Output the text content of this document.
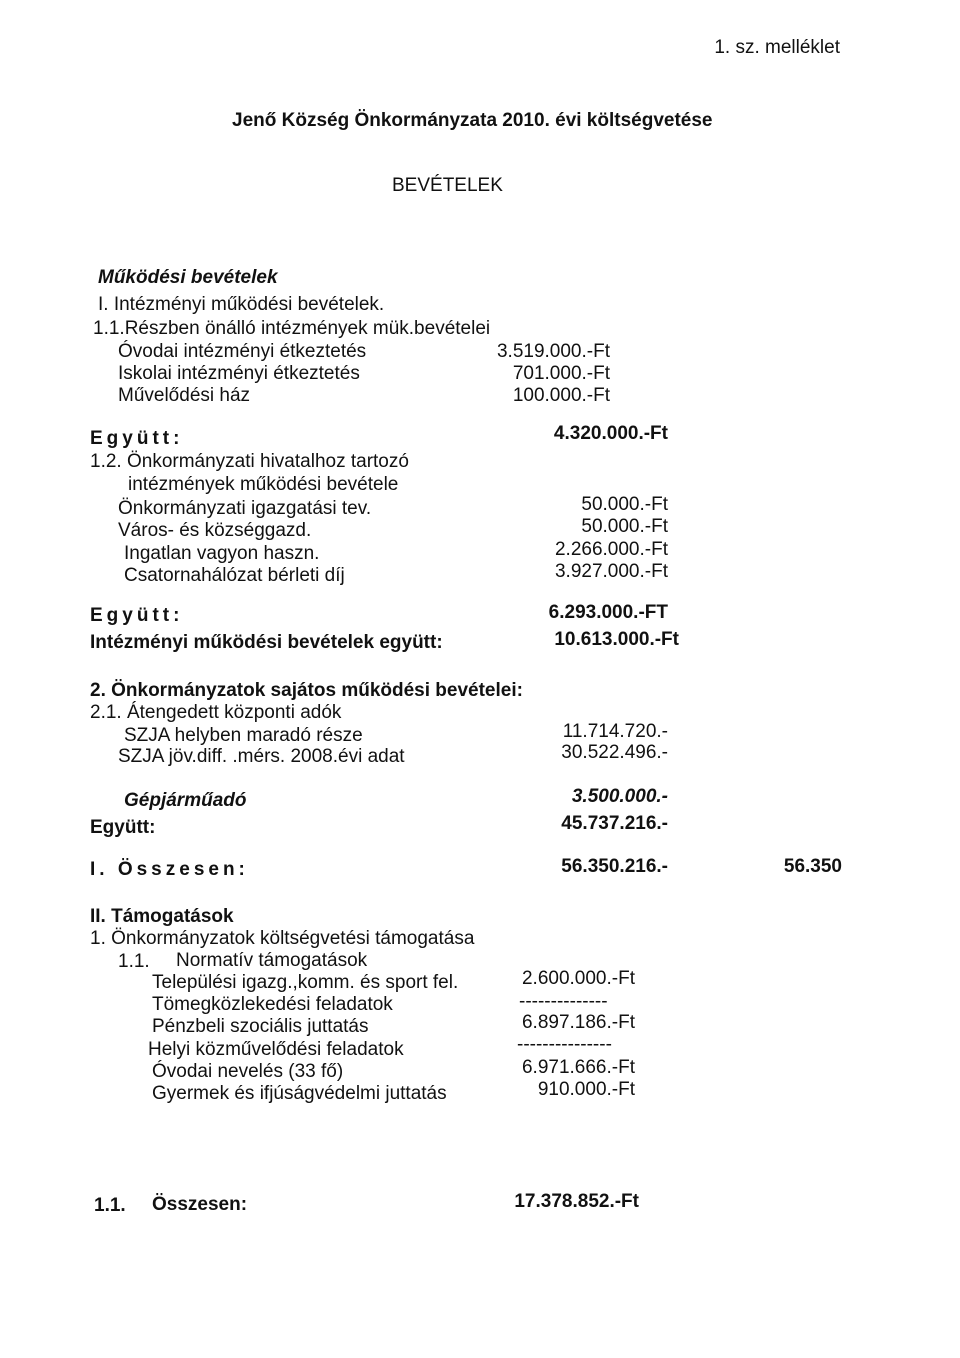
1. sz. melléklet
Jenő Község Önkormányzata 2010. évi költségvetése
BEVÉTELEK
Működési bevételek
I. Intézményi működési bevételek.
1.1.Részben önálló intézmények mük.bevételei
Óvodai intézményi étkeztetés	3.519.000.-Ft
Iskolai intézményi étkeztetés	701.000.-Ft
Művelődési ház	100.000.-Ft
Együtt:	4.320.000.-Ft
1.2. Önkormányzati hivatalhoz tartozó
intézmények működési bevétele
Önkormányzati igazgatási tev.	50.000.-Ft
Város- és községgazd.	50.000.-Ft
Ingatlan vagyon haszn.	2.266.000.-Ft
Csatornahálózat bérleti díj	3.927.000.-Ft
Együtt:	6.293.000.-FT
Intézményi működési bevételek együtt:	10.613.000.-Ft
2. Önkormányzatok sajátos működési bevételei:
2.1. Átengedett központi adók
SZJA helyben maradó része	11.714.720.-
SZJA jöv.diff. .mérs. 2008.évi adat	30.522.496.-
Gépjárműadó	3.500.000.-
Együtt:	45.737.216.-
I. Összesen:	56.350.216.-	56.350
II. Támogatások
1. Önkormányzatok költségvetési támogatása
1.1. Normatív támogatások
Települési igazg.,komm. és sport fel.	2.600.000.-Ft
Tömegközlekedési feladatok	--------------
Pénzbeli szociális juttatás	6.897.186.-Ft
Helyi közművelődési feladatok	---------------
Óvodai nevelés (33 fő)	6.971.666.-Ft
Gyermek és ifjúságvédelmi juttatás	910.000.-Ft
1.1. Összesen:	17.378.852.-Ft
